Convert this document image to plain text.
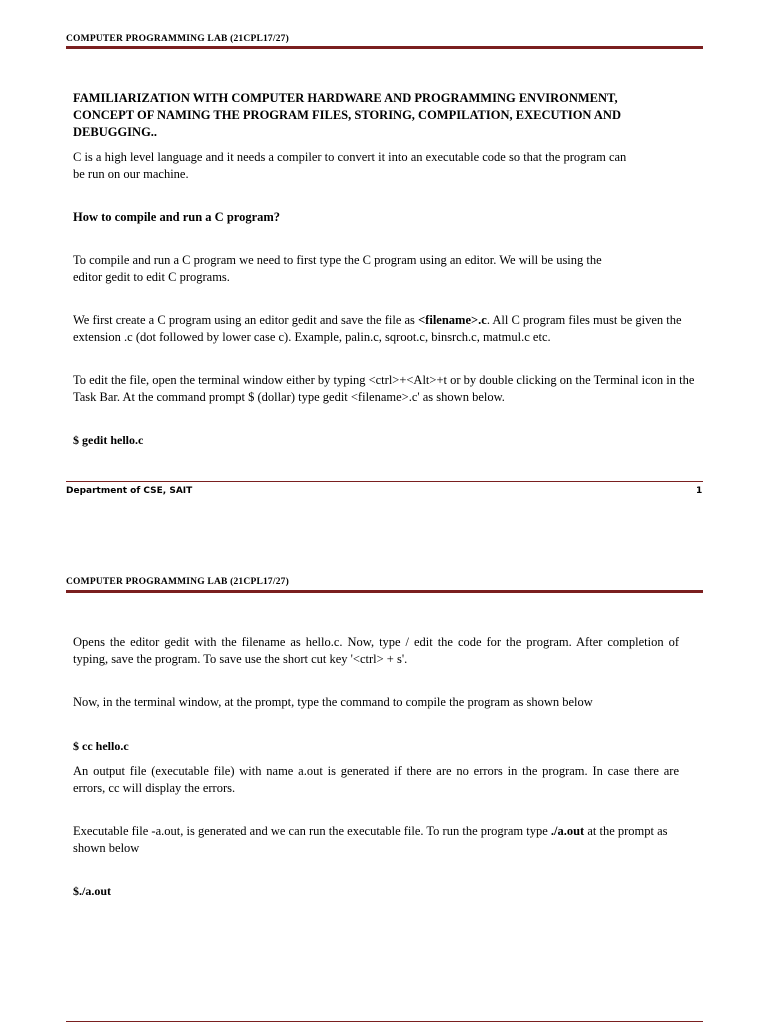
COMPUTER PROGRAMMING LAB (21CPL17/27)
FAMILIARIZATION WITH COMPUTER HARDWARE AND PROGRAMMING ENVIRONMENT, CONCEPT OF NAMING THE PROGRAM FILES, STORING, COMPILATION, EXECUTION AND DEBUGGING..
C is a high level language and it needs a compiler to convert it into an executable code so that the program can be run on our machine.
How to compile and run a C program?
To compile and run a C program we need to first type the C program using an editor. We will be using the editor gedit to edit C programs.
We first create a C program using an editor gedit and save the file as <filename>.c. All C program files must be given the extension .c (dot followed by lower case c). Example, palin.c, sqroot.c, binsrch.c, matmul.c etc.
To edit the file, open the terminal window either by typing <ctrl>+<Alt>+t or by double clicking on the Terminal icon in the Task Bar. At the command prompt $ (dollar) type gedit <filename>.c' as shown below.
$ gedit hello.c
Department of CSE, SAIT	1
COMPUTER PROGRAMMING LAB (21CPL17/27)
Opens the editor gedit with the filename as hello.c. Now, type / edit the code for the program. After completion of typing, save the program. To save use the short cut key '<ctrl> + s'.
Now, in the terminal window, at the prompt, type the command to compile the program as shown below
$ cc hello.c
An output file (executable file) with name a.out is generated if there are no errors in the program. In case there are errors, cc will display the errors.
Executable file -a.out, is generated and we can run the executable file. To run the program type ./a.out at the prompt as shown below
$./a.out
